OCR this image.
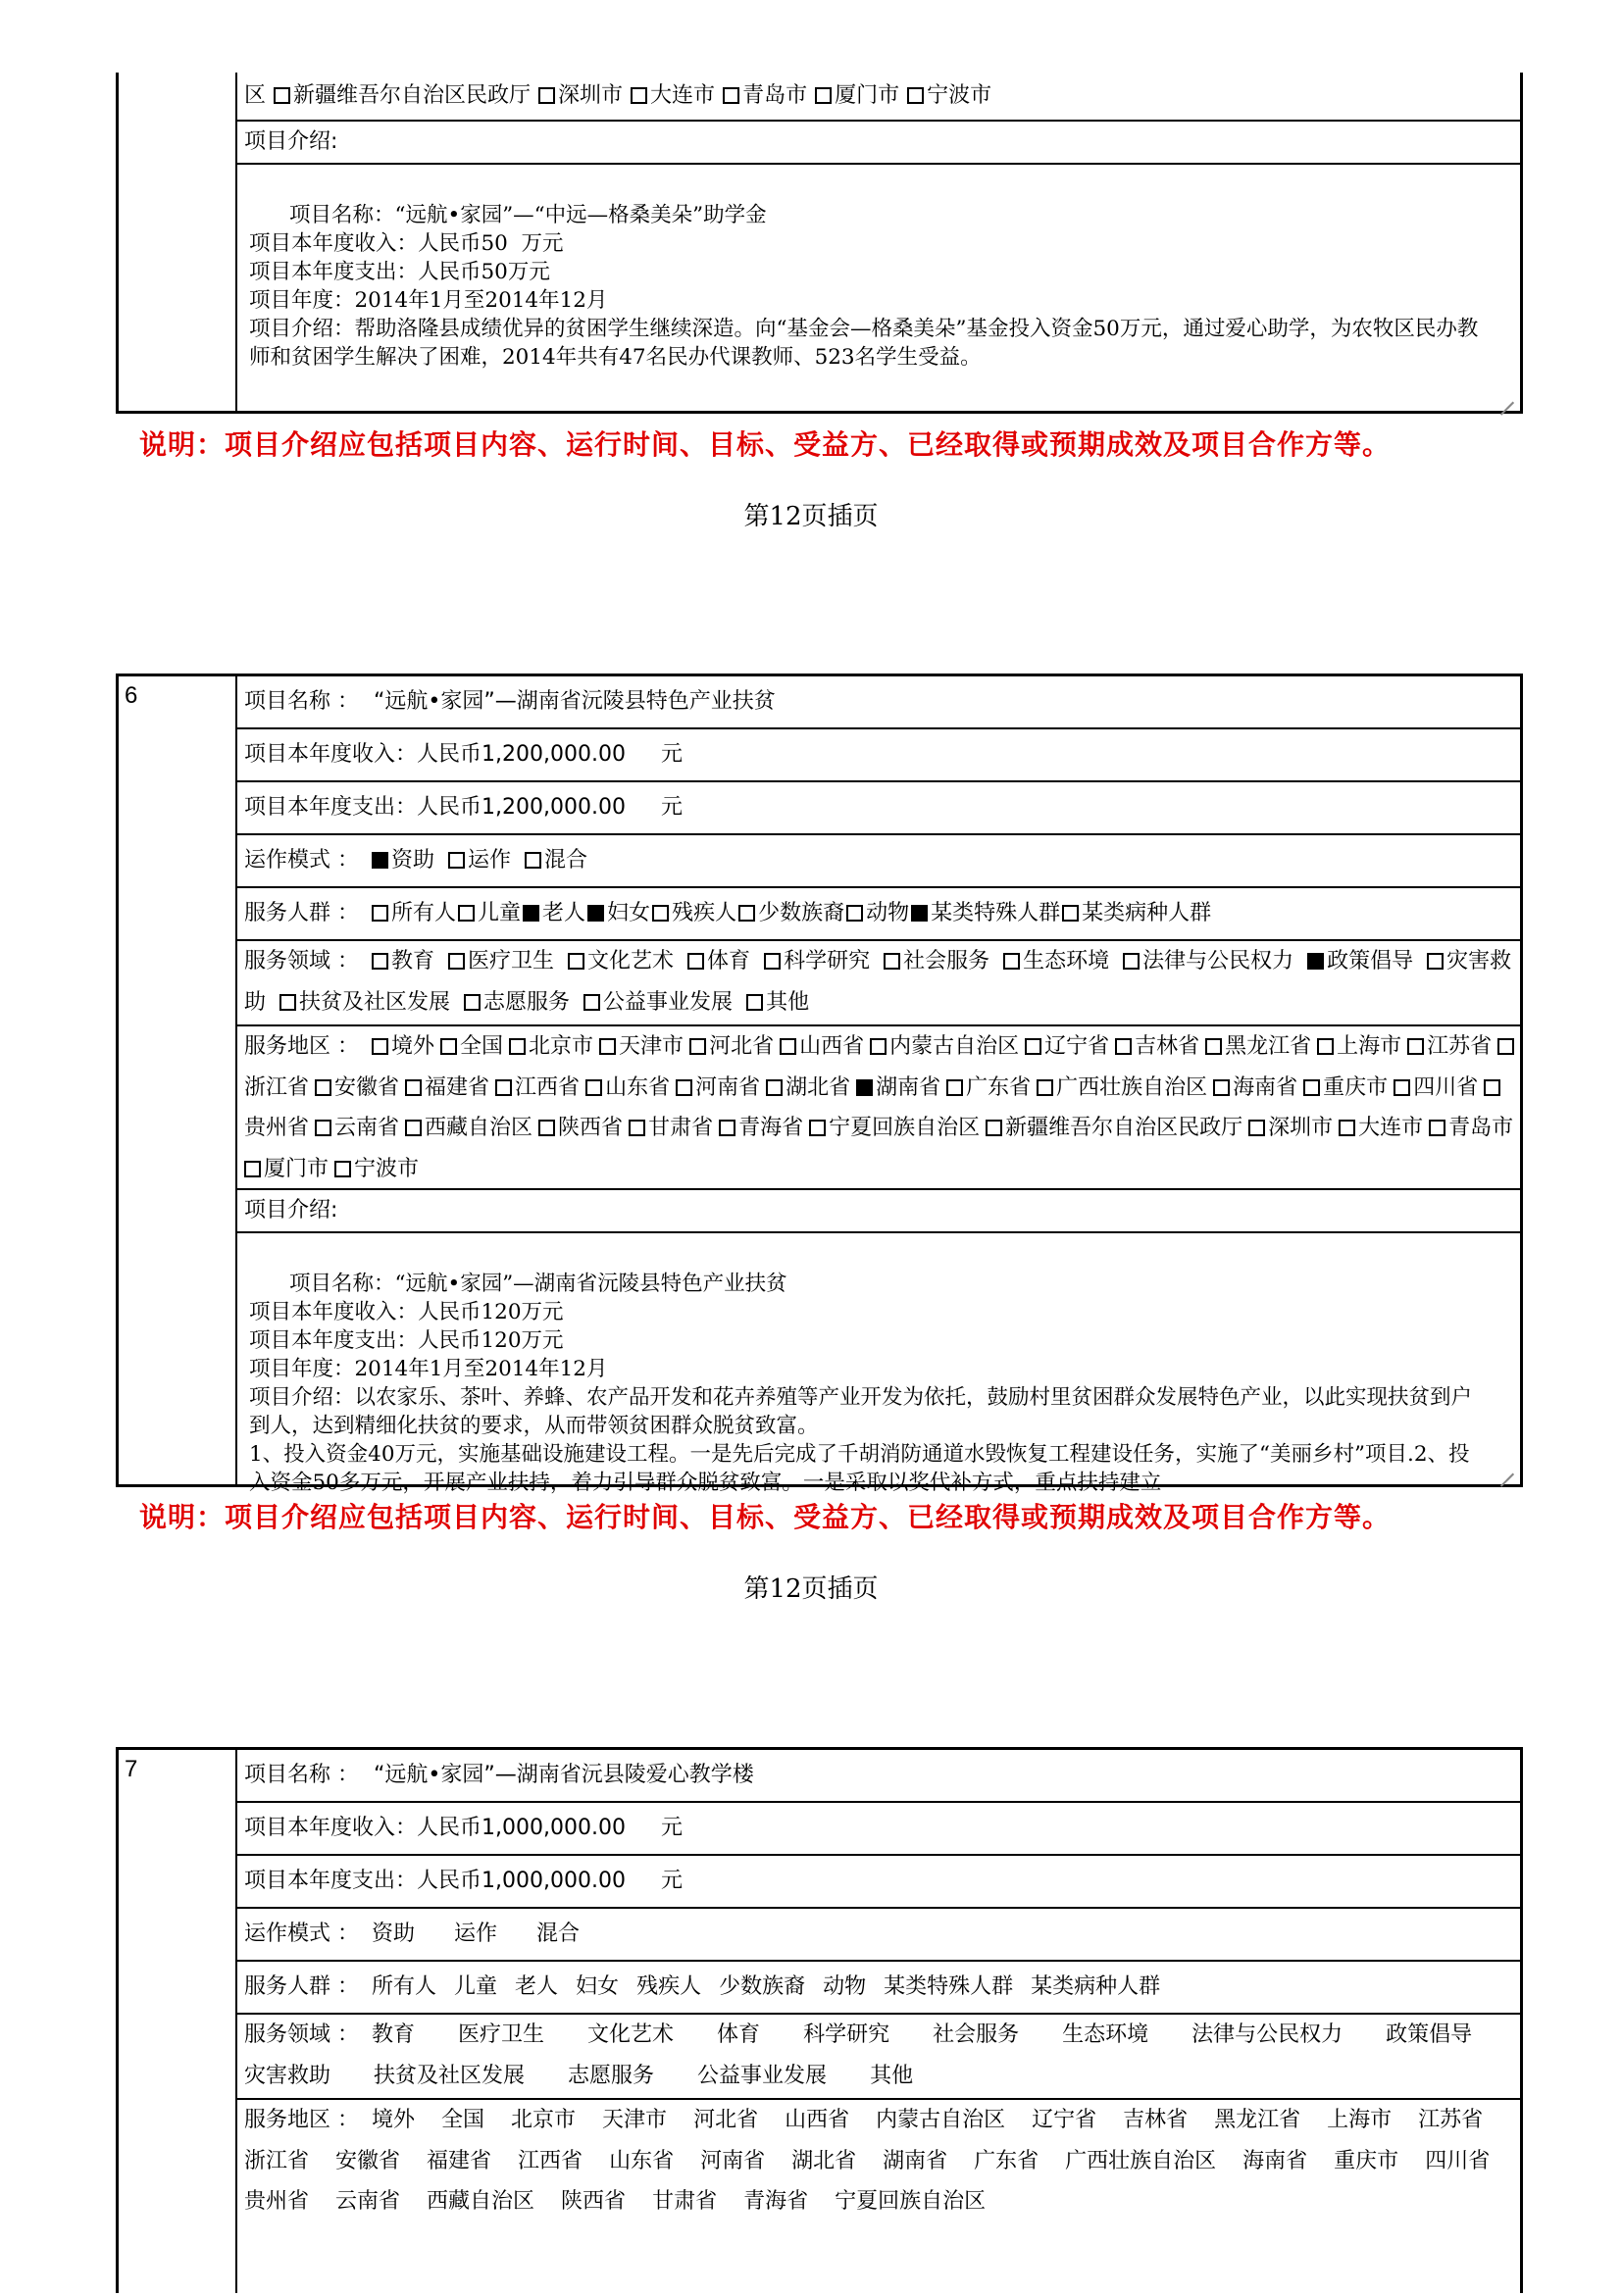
区 新疆维吾尔自治区民政厅 深圳市 大连市 青岛市 厦门市 宁波市
项目介绍:

项目名称：“远航•家园”—“中远—格桑美朵”助学金
项目本年度收入：人民币50  万元
项目本年度支出：人民币50万元
项目年度：2014年1月至2014年12月
项目介绍：帮助洛隆县成绩优异的贫困学生继续深造。向“基金会—格桑美朵”基金投入资金50万元，通过爱心助学，为农牧区民办教师和贫困学生解决了困难，2014年共有47名民办代课教师、523名学生受益。

说明：项目介绍应包括项目内容、运行时间、目标、受益方、已经取得或预期成效及项目合作方等。
第12页插页
6	项目名称 ： “远航•家园”—湖南省沅陵县特色产业扶贫
项目本年度收入：人民币1,200,000.00 元
项目本年度支出：人民币1,200,000.00 元
运作模式 ： 资助 运作 混合
服务人群 ： 所有人 儿童 老人 妇女 残疾人 少数族裔 动物 某类特殊人群 某类病种人群
服务领域 ： 教育 医疗卫生 文化艺术 体育 科学研究 社会服务 生态环境 法律与公民权力 政策倡导 灾害救助 扶贫及社区发展 志愿服务 公益事业发展 其他
服务地区 ： 境外 全国 北京市 天津市 河北省 山西省 内蒙古自治区 辽宁省 吉林省 黑龙江省 上海市 江苏省浙江省 安徽省 福建省 江西省 山东省 河南省 湖北省 湖南省 广东省 广西壮族自治区 海南省 重庆市 四川省贵州省 云南省 西藏自治区 陕西省 甘肃省 青海省 宁夏回族自治区 新疆维吾尔自治区民政厅 深圳市 大连市 青岛市厦门市 宁波市
项目介绍:

项目名称：“远航•家园”—湖南省沅陵县特色产业扶贫
项目本年度收入：人民币120万元
项目本年度支出：人民币120万元
项目年度：2014年1月至2014年12月
项目介绍：以农家乐、茶叶、养蜂、农产品开发和花卉养殖等产业开发为依托，鼓励村里贫困群众发展特色产业，以此实现扶贫到户到人，达到精细化扶贫的要求，从而带领贫困群众脱贫致富。
1、投入资金40万元，实施基础设施建设工程。一是先后完成了千胡消防通道水毁恢复工程建设任务，实施了“美丽乡村”项目.2、投入资金50多万元，开展产业扶持，着力引导群众脱贫致富。一是采取以奖代补方式，重点扶持建立

说明：项目介绍应包括项目内容、运行时间、目标、受益方、已经取得或预期成效及项目合作方等。
第12页插页
7	项目名称 ： “远航•家园”—湖南省沅县陵爱心教学楼
项目本年度收入：人民币1,000,000.00 元
项目本年度支出：人民币1,000,000.00 元
运作模式 ： 资助 运作 混合
服务人群 ： 所有人 儿童 老人 妇女 残疾人 少数族裔 动物 某类特殊人群 某类病种人群
服务领域 ： 教育 医疗卫生 文化艺术 体育 科学研究 社会服务 生态环境 法律与公民权力 政策倡导灾害救助 扶贫及社区发展 志愿服务 公益事业发展 其他
服务地区 ： 境外 全国 北京市 天津市 河北省 山西省 内蒙古自治区 辽宁省 吉林省 黑龙江省 上海市 江苏省浙江省 安徽省 福建省 江西省 山东省 河南省 湖北省 湖南省 广东省 广西壮族自治区 海南省 重庆市 四川省贵州省 云南省 西藏自治区 陕西省 甘肃省 青海省 宁夏回族自治区
